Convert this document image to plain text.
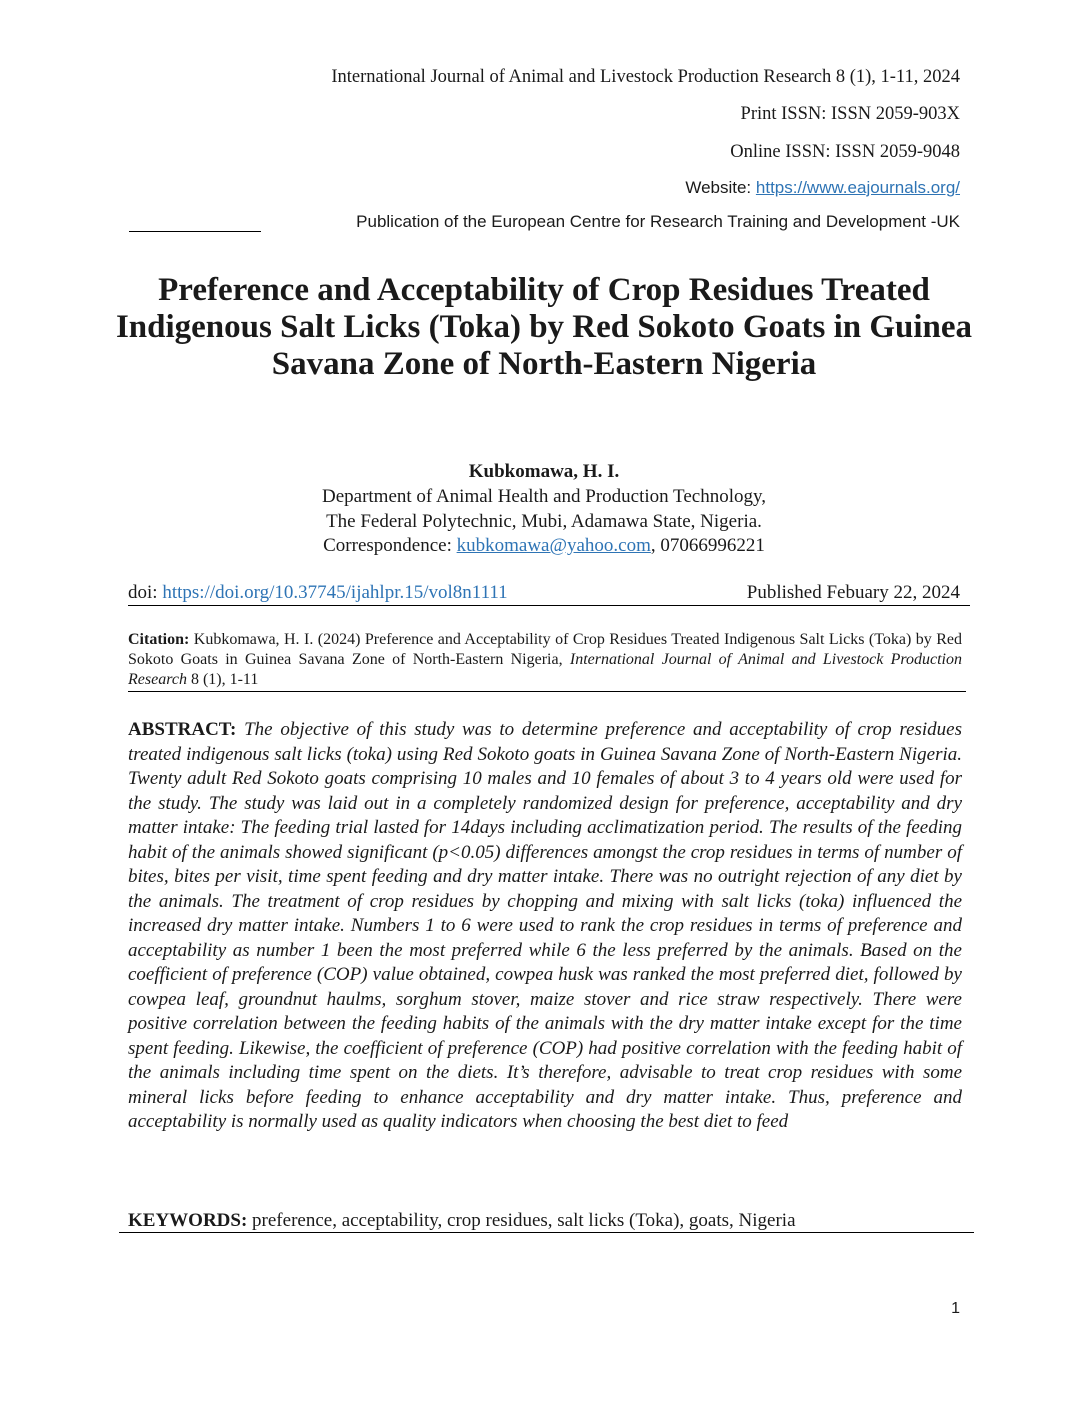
International Journal of Animal and Livestock Production Research 8 (1), 1-11, 2024
Print ISSN: ISSN 2059-903X
Online ISSN: ISSN 2059-9048
Website: https://www.eajournals.org/
Publication of the European Centre for Research Training and Development -UK
Preference and Acceptability of Crop Residues Treated Indigenous Salt Licks (Toka) by Red Sokoto Goats in Guinea Savana Zone of North-Eastern Nigeria
Kubkomawa, H. I.
Department of Animal Health and Production Technology,
The Federal Polytechnic, Mubi, Adamawa State, Nigeria.
Correspondence: kubkomawa@yahoo.com, 07066996221
doi: https://doi.org/10.37745/ijahlpr.15/vol8n1111	Published Febuary 22, 2024
Citation: Kubkomawa, H. I. (2024) Preference and Acceptability of Crop Residues Treated Indigenous Salt Licks (Toka) by Red Sokoto Goats in Guinea Savana Zone of North-Eastern Nigeria, International Journal of Animal and Livestock Production Research 8 (1), 1-11
ABSTRACT: The objective of this study was to determine preference and acceptability of crop residues treated indigenous salt licks (toka) using Red Sokoto goats in Guinea Savana Zone of North-Eastern Nigeria. Twenty adult Red Sokoto goats comprising 10 males and 10 females of about 3 to 4 years old were used for the study. The study was laid out in a completely randomized design for preference, acceptability and dry matter intake: The feeding trial lasted for 14days including acclimatization period. The results of the feeding habit of the animals showed significant (p<0.05) differences amongst the crop residues in terms of number of bites, bites per visit, time spent feeding and dry matter intake. There was no outright rejection of any diet by the animals. The treatment of crop residues by chopping and mixing with salt licks (toka) influenced the increased dry matter intake. Numbers 1 to 6 were used to rank the crop residues in terms of preference and acceptability as number 1 been the most preferred while 6 the less preferred by the animals. Based on the coefficient of preference (COP) value obtained, cowpea husk was ranked the most preferred diet, followed by cowpea leaf, groundnut haulms, sorghum stover, maize stover and rice straw respectively. There were positive correlation between the feeding habits of the animals with the dry matter intake except for the time spent feeding. Likewise, the coefficient of preference (COP) had positive correlation with the feeding habit of the animals including time spent on the diets. It’s therefore, advisable to treat crop residues with some mineral licks before feeding to enhance acceptability and dry matter intake. Thus, preference and acceptability is normally used as quality indicators when choosing the best diet to feed
KEYWORDS: preference, acceptability, crop residues, salt licks (Toka), goats, Nigeria
1
